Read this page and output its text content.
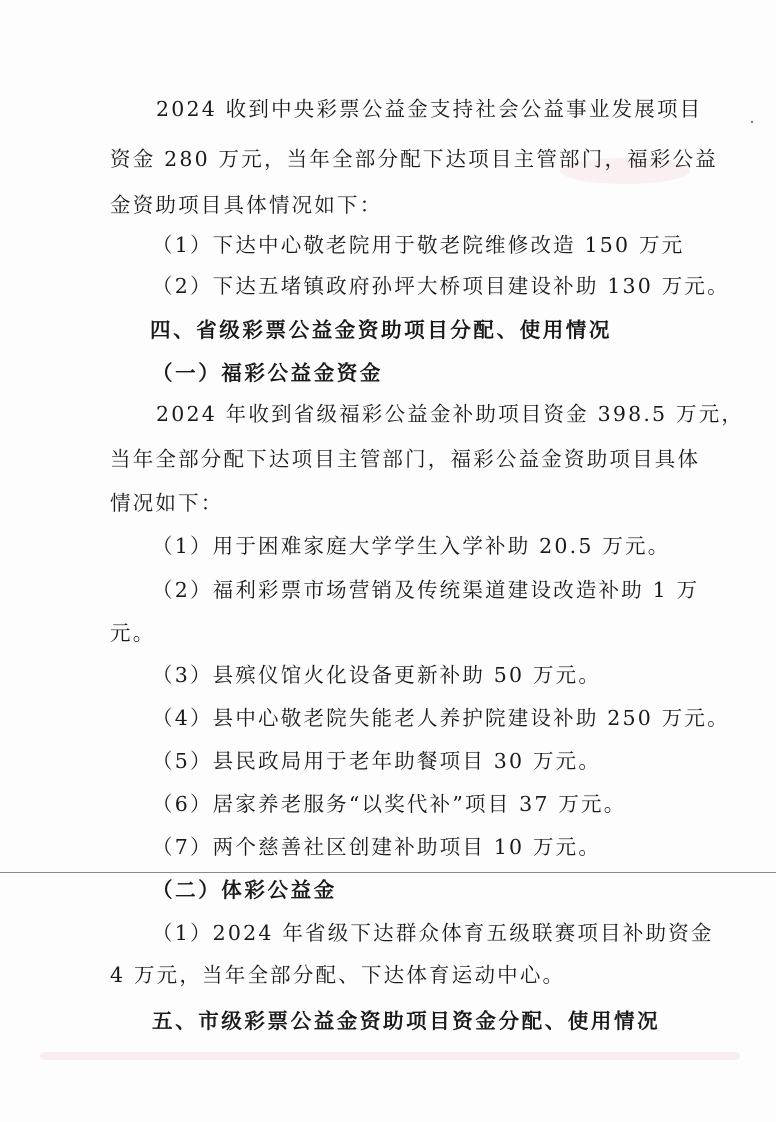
2024 收到中央彩票公益金支持社会公益事业发展项目
资金 280 万元，当年全部分配下达项目主管部门，福彩公益
金资助项目具体情况如下：
（1）下达中心敬老院用于敬老院维修改造 150 万元
（2）下达五堵镇政府孙坪大桥项目建设补助 130 万元。
四、省级彩票公益金资助项目分配、使用情况
（一）福彩公益金资金
2024 年收到省级福彩公益金补助项目资金 398.5 万元，
当年全部分配下达项目主管部门，福彩公益金资助项目具体
情况如下：
（1）用于困难家庭大学学生入学补助 20.5 万元。
（2）福利彩票市场营销及传统渠道建设改造补助 1 万
元。
（3）县殡仪馆火化设备更新补助 50 万元。
（4）县中心敬老院失能老人养护院建设补助 250 万元。
（5）县民政局用于老年助餐项目 30 万元。
（6）居家养老服务“以奖代补”项目 37 万元。
（7）两个慈善社区创建补助项目 10 万元。
（二）体彩公益金
（1）2024 年省级下达群众体育五级联赛项目补助资金
4 万元，当年全部分配、下达体育运动中心。
五、市级彩票公益金资助项目资金分配、使用情况
